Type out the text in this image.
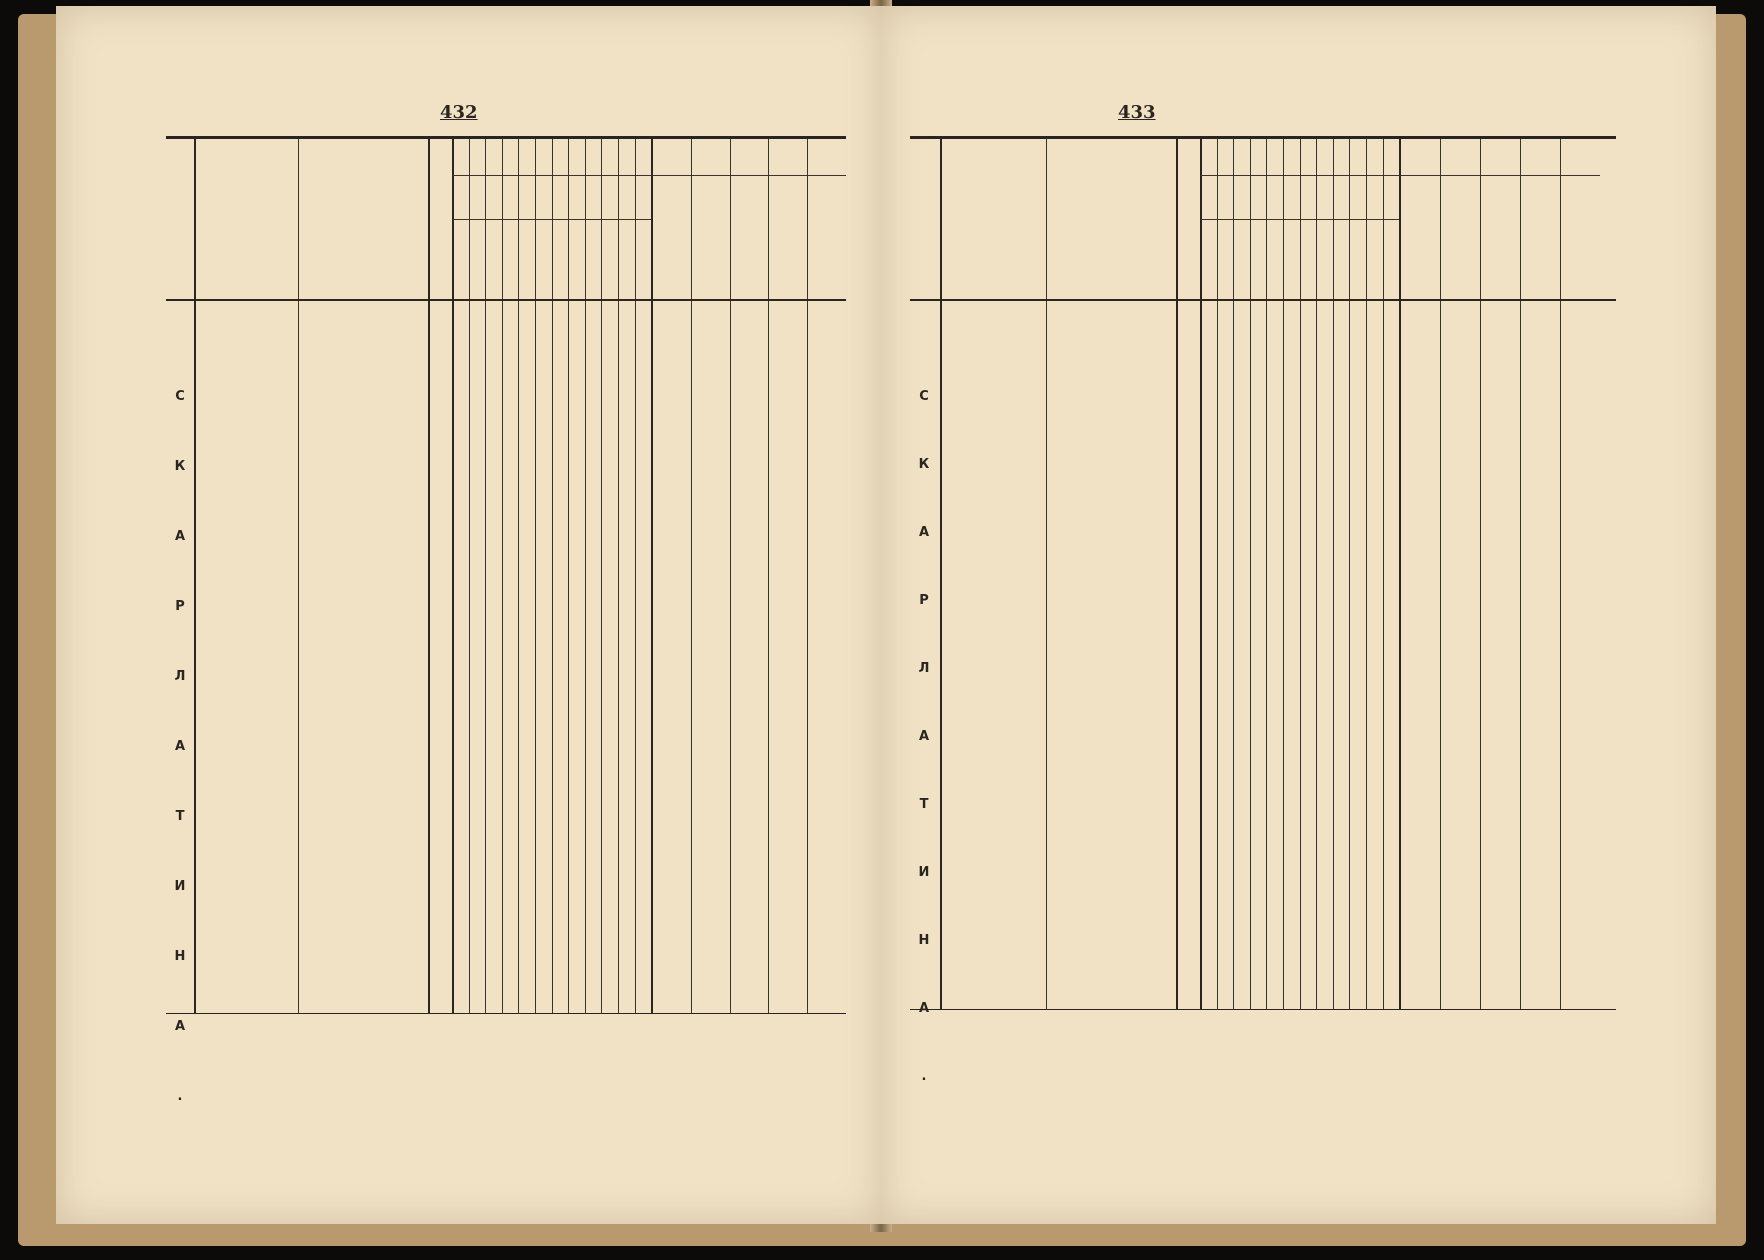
432
С
К
А
Р
Л
А
Т
И
Н
А
.
433
С
К
А
Р
Л
А
Т
И
Н
А
.
